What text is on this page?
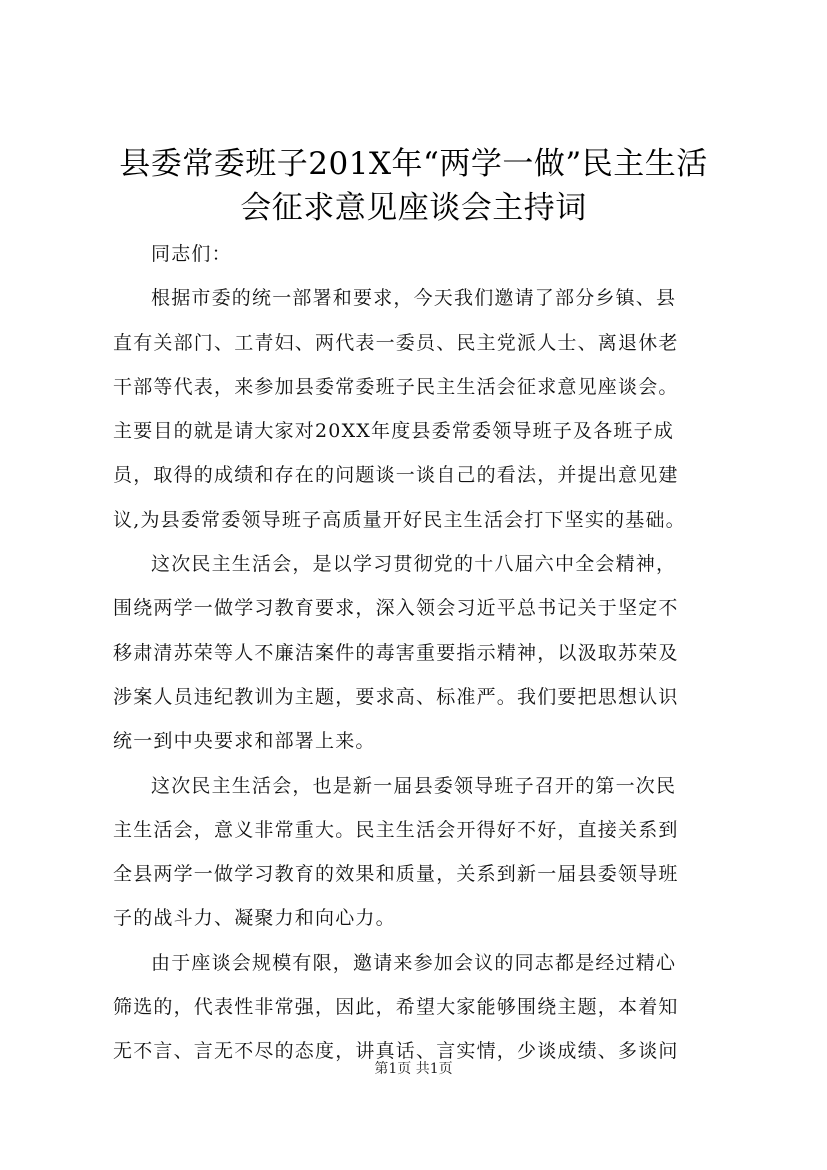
县委常委班子201X年“两学一做”民主生活
会征求意见座谈会主持词
同志们：
根据市委的统一部署和要求，今天我们邀请了部分乡镇、县
直有关部门、工青妇、两代表一委员、民主党派人士、离退休老
干部等代表，来参加县委常委班子民主生活会征求意见座谈会。
主要目的就是请大家对20XX年度县委常委领导班子及各班子成
员，取得的成绩和存在的问题谈一谈自己的看法，并提出意见建
议,为县委常委领导班子高质量开好民主生活会打下坚实的基础。
这次民主生活会，是以学习贯彻党的十八届六中全会精神，
围绕两学一做学习教育要求，深入领会习近平总书记关于坚定不
移肃清苏荣等人不廉洁案件的毒害重要指示精神，以汲取苏荣及
涉案人员违纪教训为主题，要求高、标准严。我们要把思想认识
统一到中央要求和部署上来。
这次民主生活会，也是新一届县委领导班子召开的第一次民
主生活会，意义非常重大。民主生活会开得好不好，直接关系到
全县两学一做学习教育的效果和质量，关系到新一届县委领导班
子的战斗力、凝聚力和向心力。
由于座谈会规模有限，邀请来参加会议的同志都是经过精心
筛选的，代表性非常强，因此，希望大家能够围绕主题，本着知
无不言、言无不尽的态度，讲真话、言实情，少谈成绩、多谈问
第1页 共1页
